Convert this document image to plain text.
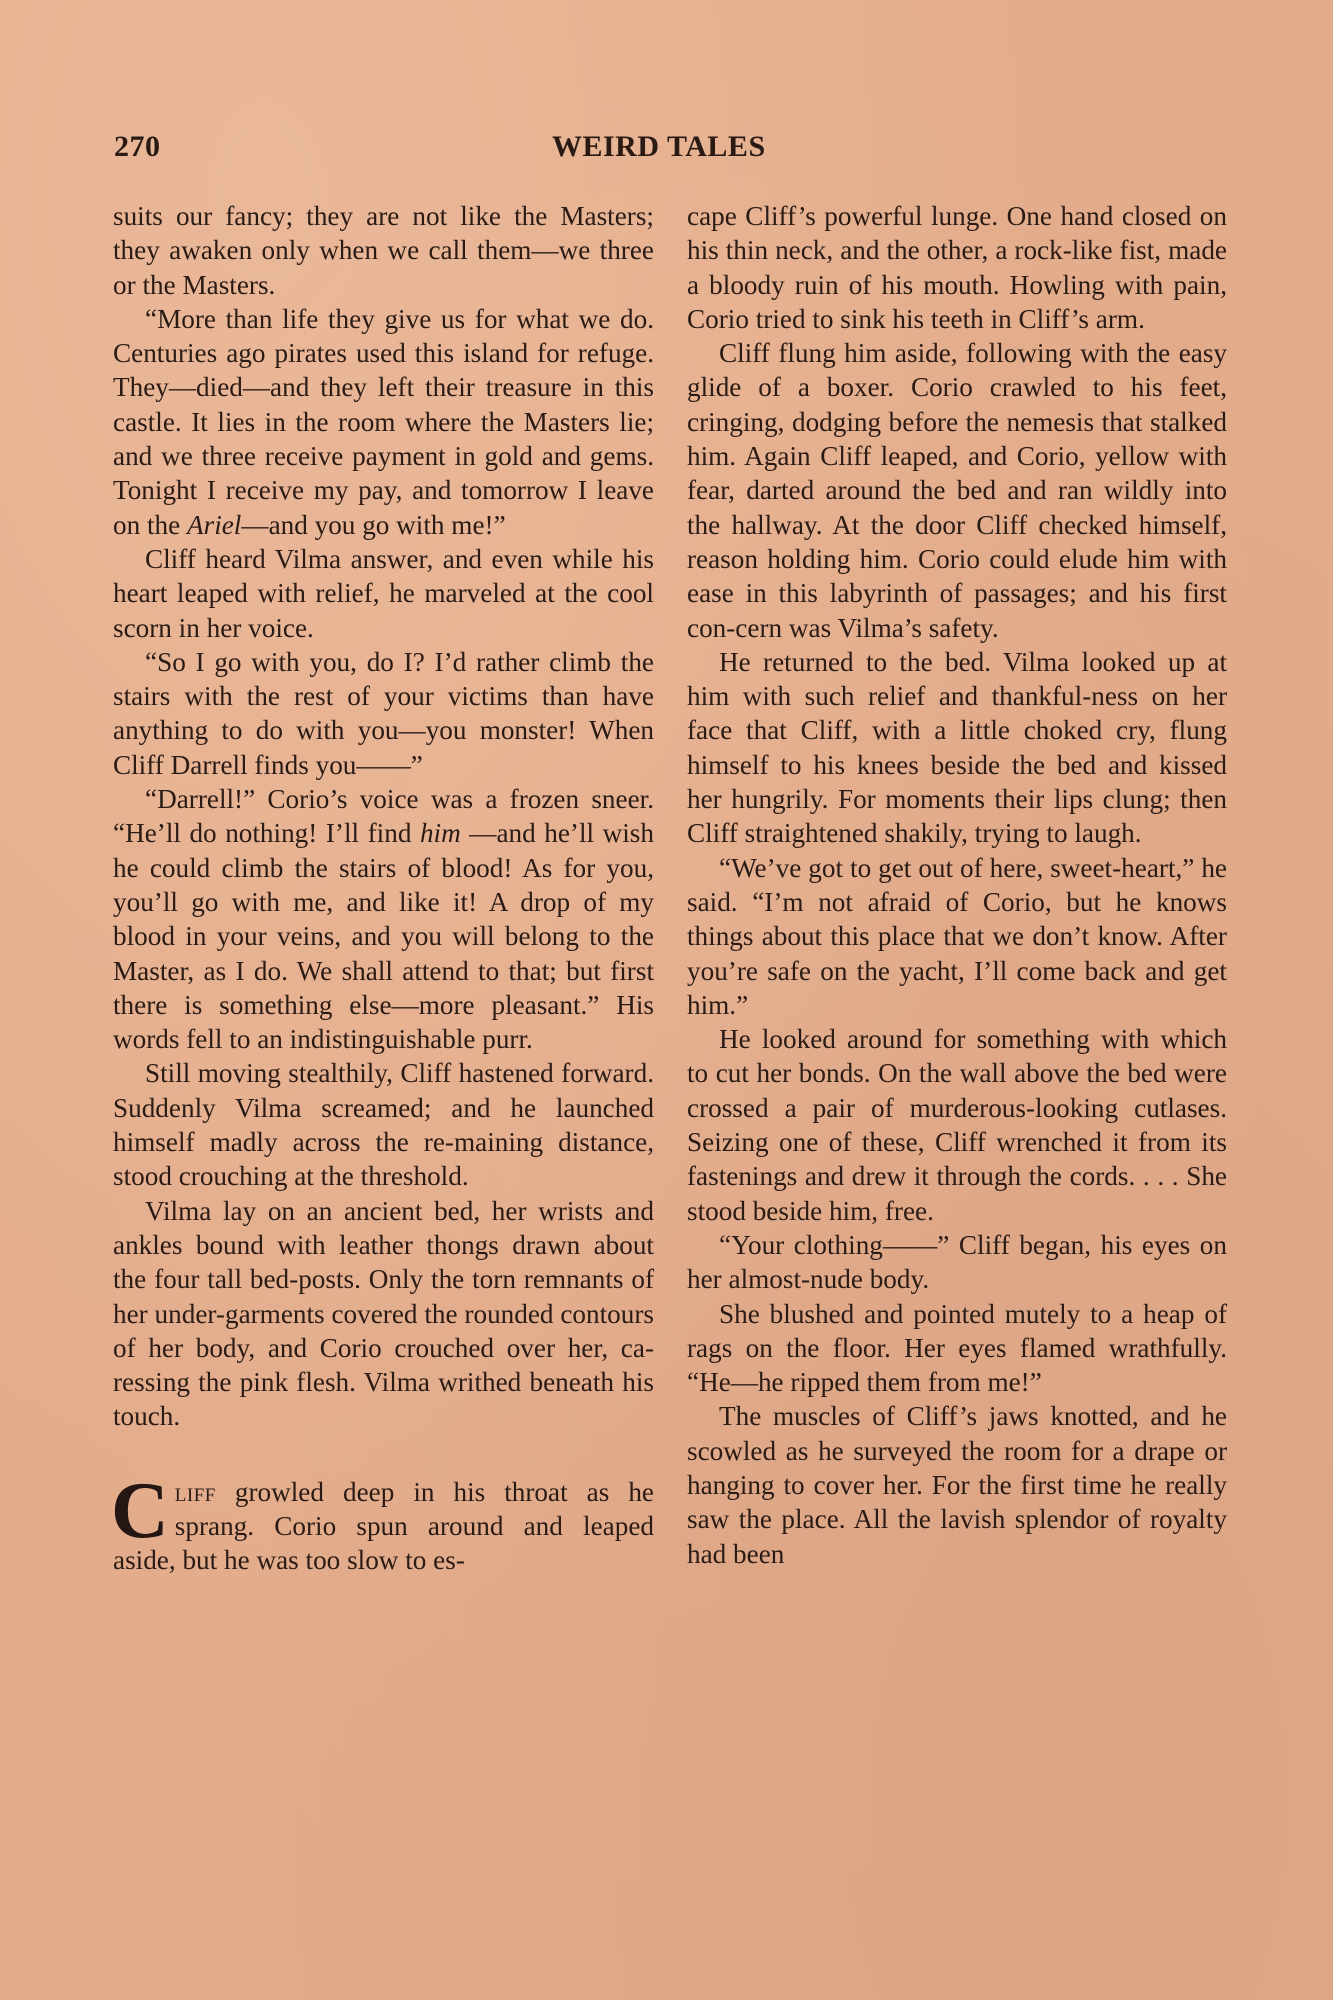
270	WEIRD TALES

suits our fancy; they are not like the Masters; they awaken only when we call them—we three or the Masters.

“More than life they give us for what we do. Centuries ago pirates used this island for refuge. They—died—and they left their treasure in this castle. It lies in the room where the Masters lie; and we three receive payment in gold and gems. Tonight I receive my pay, and tomorrow I leave on the Ariel—and you go with me!”

Cliff heard Vilma answer, and even while his heart leaped with relief, he marveled at the cool scorn in her voice.

“So I go with you, do I? I’d rather climb the stairs with the rest of your victims than have anything to do with you—you monster! When Cliff Darrell finds you——”

“Darrell!” Corio’s voice was a frozen sneer. “He’ll do nothing! I’ll find him —and he’ll wish he could climb the stairs of blood! As for you, you’ll go with me, and like it! A drop of my blood in your veins, and you will belong to the Master, as I do. We shall attend to that; but first there is something else—more pleasant.” His words fell to an indistinguishable purr.

Still moving stealthily, Cliff hastened forward. Suddenly Vilma screamed; and he launched himself madly across the re-maining distance, stood crouching at the threshold.

Vilma lay on an ancient bed, her wrists and ankles bound with leather thongs drawn about the four tall bed-posts. Only the torn remnants of her under-garments covered the rounded contours of her body, and Corio crouched over her, ca-ressing the pink flesh. Vilma writhed beneath his touch.

Cliff growled deep in his throat as he sprang. Corio spun around and leaped aside, but he was too slow to es-

cape Cliff’s powerful lunge. One hand closed on his thin neck, and the other, a rock-like fist, made a bloody ruin of his mouth. Howling with pain, Corio tried to sink his teeth in Cliff’s arm.

Cliff flung him aside, following with the easy glide of a boxer. Corio crawled to his feet, cringing, dodging before the nemesis that stalked him. Again Cliff leaped, and Corio, yellow with fear, darted around the bed and ran wildly into the hallway. At the door Cliff checked himself, reason holding him. Corio could elude him with ease in this labyrinth of passages; and his first con-cern was Vilma’s safety.

He returned to the bed. Vilma looked up at him with such relief and thankful-ness on her face that Cliff, with a little choked cry, flung himself to his knees beside the bed and kissed her hungrily. For moments their lips clung; then Cliff straightened shakily, trying to laugh.

“We’ve got to get out of here, sweet-heart,” he said. “I’m not afraid of Corio, but he knows things about this place that we don’t know. After you’re safe on the yacht, I’ll come back and get him.”

He looked around for something with which to cut her bonds. On the wall above the bed were crossed a pair of murderous-looking cutlases. Seizing one of these, Cliff wrenched it from its fastenings and drew it through the cords. . . . She stood beside him, free.

“Your clothing——” Cliff began, his eyes on her almost-nude body.

She blushed and pointed mutely to a heap of rags on the floor. Her eyes flamed wrathfully. “He—he ripped them from me!”

The muscles of Cliff’s jaws knotted, and he scowled as he surveyed the room for a drape or hanging to cover her. For the first time he really saw the place. All the lavish splendor of royalty had been
